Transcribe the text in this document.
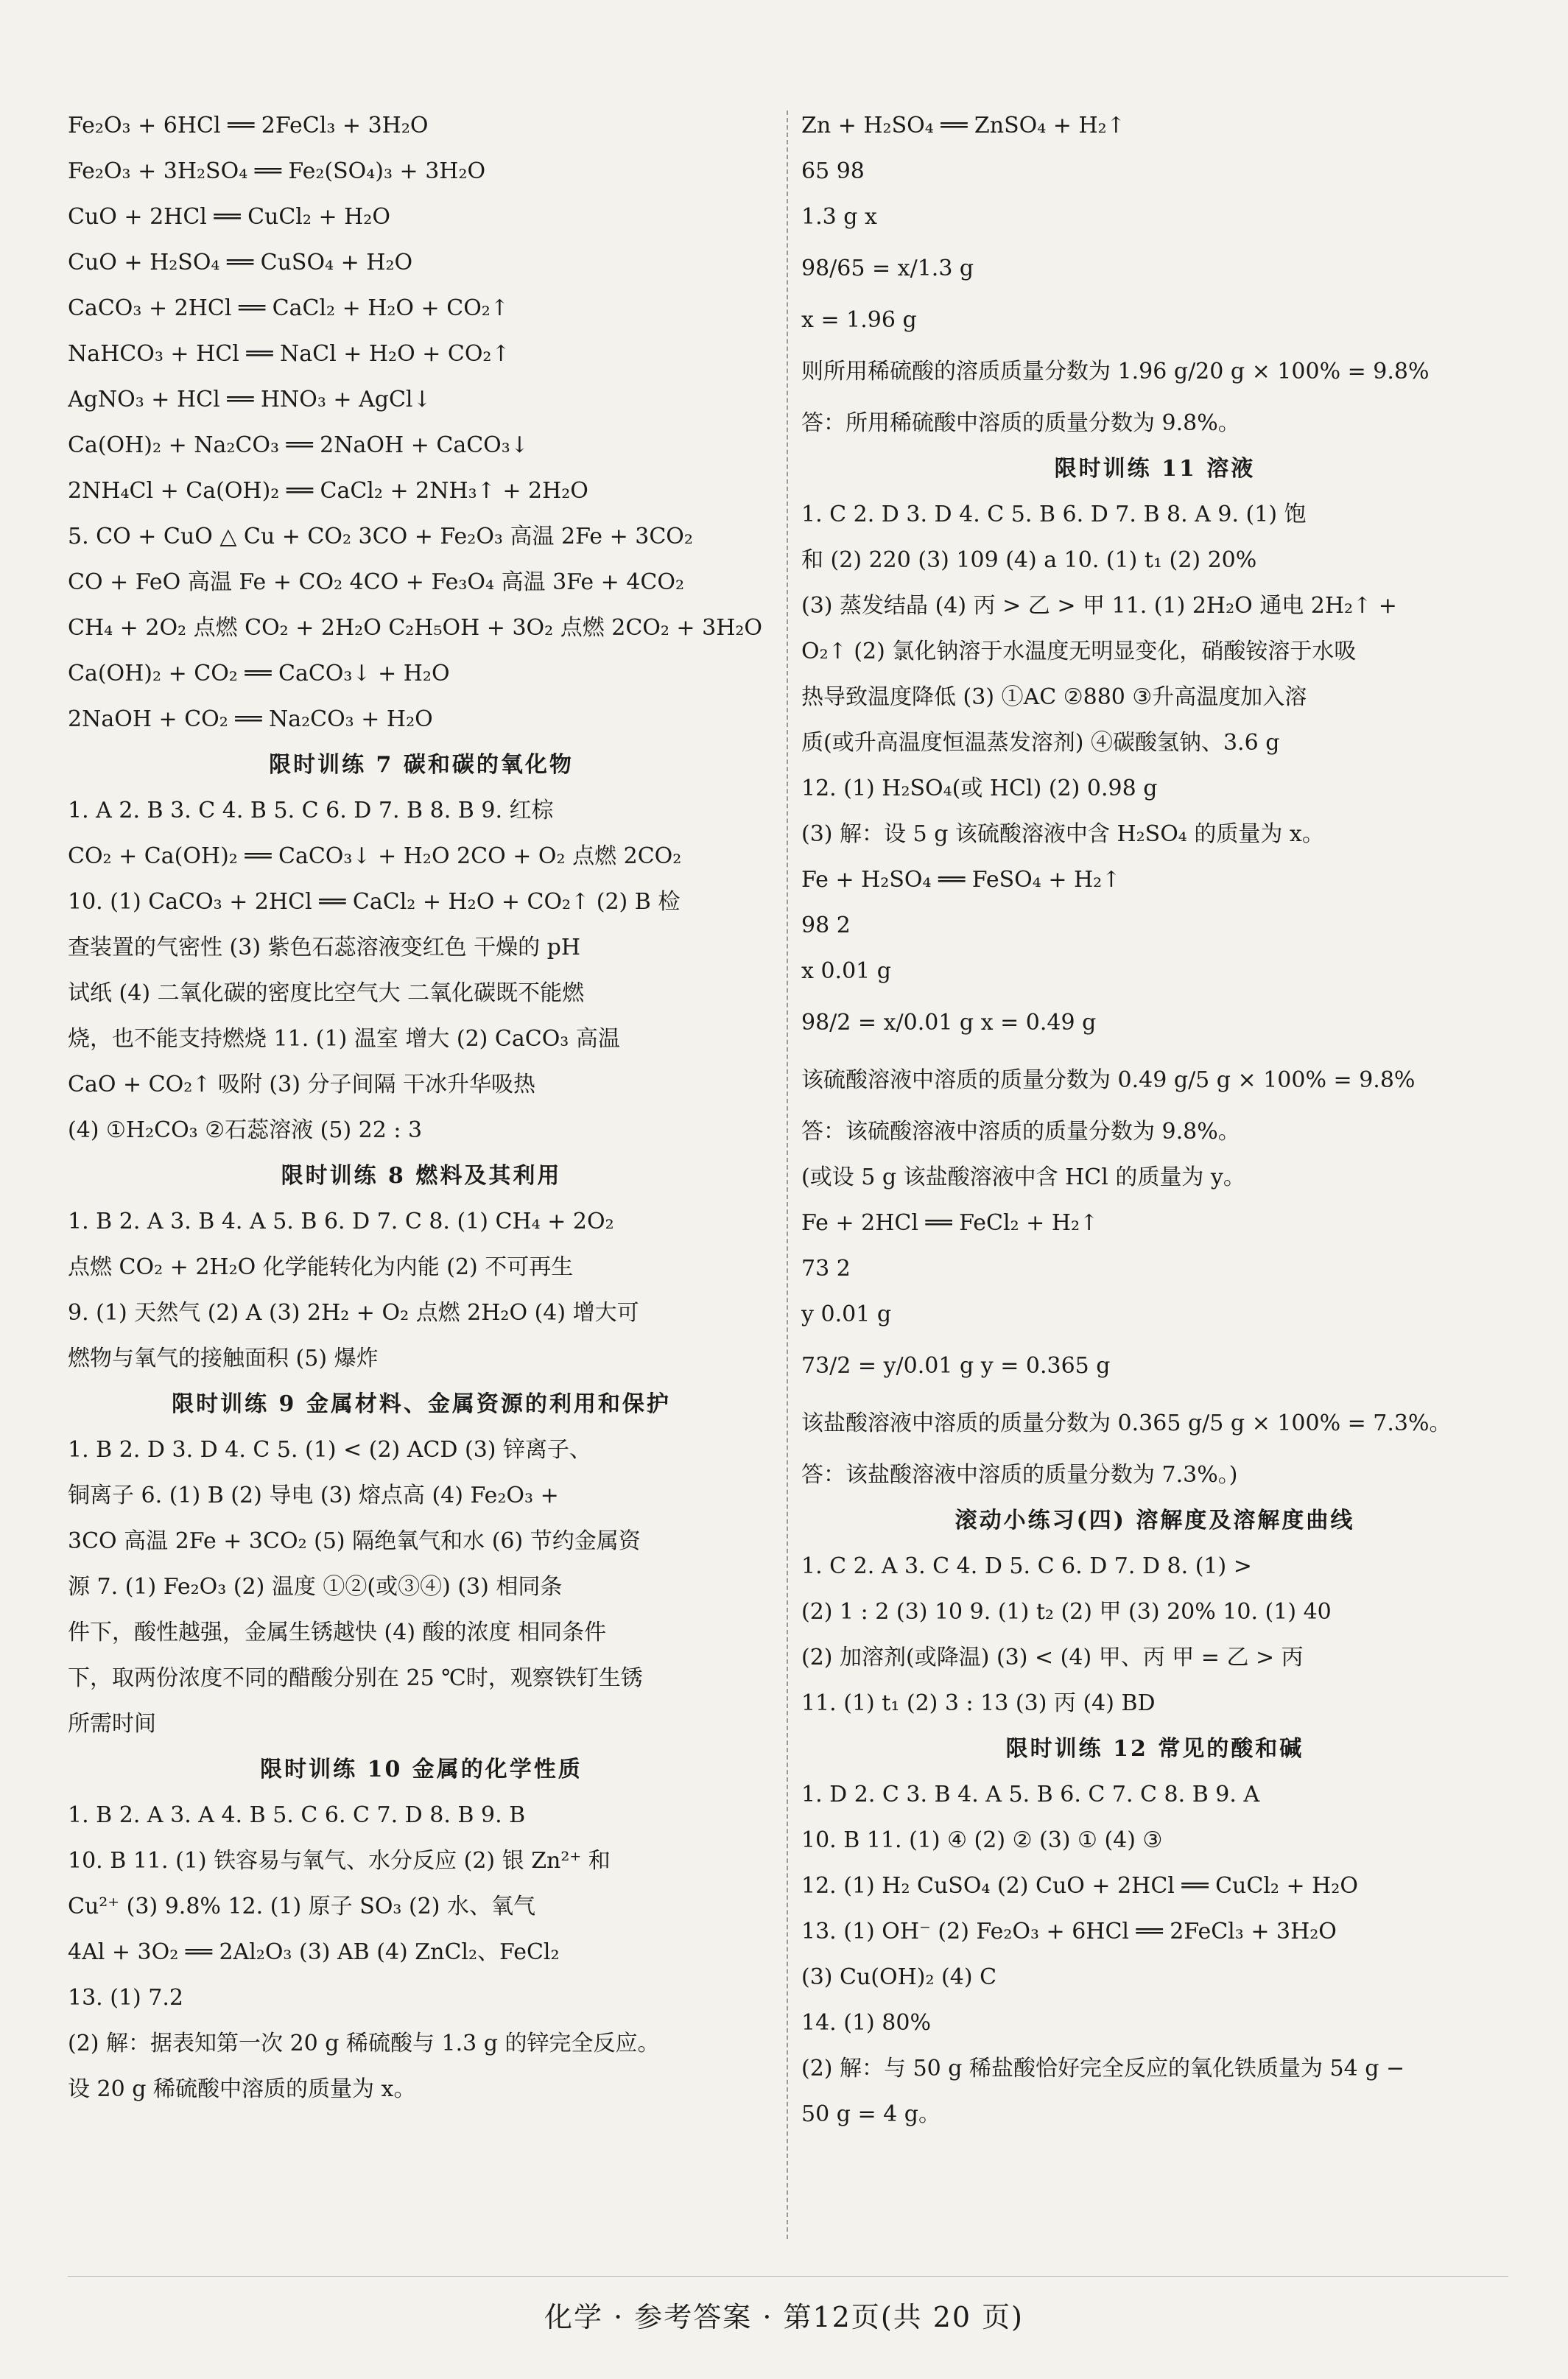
Fe₂O₃ + 6HCl ══ 2FeCl₃ + 3H₂O
Fe₂O₃ + 3H₂SO₄ ══ Fe₂(SO₄)₃ + 3H₂O
CuO + 2HCl ══ CuCl₂ + H₂O
CuO + H₂SO₄ ══ CuSO₄ + H₂O
CaCO₃ + 2HCl ══ CaCl₂ + H₂O + CO₂↑
NaHCO₃ + HCl ══ NaCl + H₂O + CO₂↑
AgNO₃ + HCl ══ HNO₃ + AgCl↓
Ca(OH)₂ + Na₂CO₃ ══ 2NaOH + CaCO₃↓
2NH₄Cl + Ca(OH)₂ ══ CaCl₂ + 2NH₃↑ + 2H₂O
5. CO + CuO △ Cu + CO₂ 3CO + Fe₂O₃ 高温 2Fe + 3CO₂
CO + FeO 高温 Fe + CO₂ 4CO + Fe₃O₄ 高温 3Fe + 4CO₂
CH₄ + 2O₂ 点燃 CO₂ + 2H₂O C₂H₅OH + 3O₂ 点燃 2CO₂ + 3H₂O
Ca(OH)₂ + CO₂ ══ CaCO₃↓ + H₂O
2NaOH + CO₂ ══ Na₂CO₃ + H₂O
限时训练 7 碳和碳的氧化物
1. A 2. B 3. C 4. B 5. C 6. D 7. B 8. B 9. 红棕
CO₂ + Ca(OH)₂ ══ CaCO₃↓ + H₂O 2CO + O₂ 点燃 2CO₂
10. (1) CaCO₃ + 2HCl ══ CaCl₂ + H₂O + CO₂↑ (2) B 检
查装置的气密性 (3) 紫色石蕊溶液变红色 干燥的 pH
试纸 (4) 二氧化碳的密度比空气大 二氧化碳既不能燃
烧，也不能支持燃烧 11. (1) 温室 增大 (2) CaCO₃ 高温
CaO + CO₂↑ 吸附 (3) 分子间隔 干冰升华吸热
(4) ①H₂CO₃ ②石蕊溶液 (5) 22 : 3
限时训练 8 燃料及其利用
1. B 2. A 3. B 4. A 5. B 6. D 7. C 8. (1) CH₄ + 2O₂
点燃 CO₂ + 2H₂O 化学能转化为内能 (2) 不可再生
9. (1) 天然气 (2) A (3) 2H₂ + O₂ 点燃 2H₂O (4) 增大可
燃物与氧气的接触面积 (5) 爆炸
限时训练 9 金属材料、金属资源的利用和保护
1. B 2. D 3. D 4. C 5. (1) < (2) ACD (3) 锌离子、
铜离子 6. (1) B (2) 导电 (3) 熔点高 (4) Fe₂O₃ +
3CO 高温 2Fe + 3CO₂ (5) 隔绝氧气和水 (6) 节约金属资
源 7. (1) Fe₂O₃ (2) 温度 ①②(或③④) (3) 相同条
件下，酸性越强，金属生锈越快 (4) 酸的浓度 相同条件
下，取两份浓度不同的醋酸分别在 25 ℃时，观察铁钉生锈
所需时间
限时训练 10 金属的化学性质
1. B 2. A 3. A 4. B 5. C 6. C 7. D 8. B 9. B
10. B 11. (1) 铁容易与氧气、水分反应 (2) 银 Zn²⁺ 和
Cu²⁺ (3) 9.8% 12. (1) 原子 SO₃ (2) 水、氧气
4Al + 3O₂ ══ 2Al₂O₃ (3) AB (4) ZnCl₂、FeCl₂
13. (1) 7.2
(2) 解：据表知第一次 20 g 稀硫酸与 1.3 g 的锌完全反应。
设 20 g 稀硫酸中溶质的质量为 x。
Zn + H₂SO₄ ══ ZnSO₄ + H₂↑
65 98
1.3 g x
98/65 = x/1.3 g
x = 1.96 g
则所用稀硫酸的溶质质量分数为 1.96 g/20 g × 100% = 9.8%
答：所用稀硫酸中溶质的质量分数为 9.8%。
限时训练 11 溶液
1. C 2. D 3. D 4. C 5. B 6. D 7. B 8. A 9. (1) 饱
和 (2) 220 (3) 109 (4) a 10. (1) t₁ (2) 20%
(3) 蒸发结晶 (4) 丙 > 乙 > 甲 11. (1) 2H₂O 通电 2H₂↑ +
O₂↑ (2) 氯化钠溶于水温度无明显变化，硝酸铵溶于水吸
热导致温度降低 (3) ①AC ②880 ③升高温度加入溶
质(或升高温度恒温蒸发溶剂) ④碳酸氢钠、3.6 g
12. (1) H₂SO₄(或 HCl) (2) 0.98 g
(3) 解：设 5 g 该硫酸溶液中含 H₂SO₄ 的质量为 x。
Fe + H₂SO₄ ══ FeSO₄ + H₂↑
98 2
x 0.01 g
98/2 = x/0.01 g x = 0.49 g
该硫酸溶液中溶质的质量分数为 0.49 g/5 g × 100% = 9.8%
答：该硫酸溶液中溶质的质量分数为 9.8%。
(或设 5 g 该盐酸溶液中含 HCl 的质量为 y。
Fe + 2HCl ══ FeCl₂ + H₂↑
73 2
y 0.01 g
73/2 = y/0.01 g y = 0.365 g
该盐酸溶液中溶质的质量分数为 0.365 g/5 g × 100% = 7.3%。
答：该盐酸溶液中溶质的质量分数为 7.3%。)
滚动小练习(四) 溶解度及溶解度曲线
1. C 2. A 3. C 4. D 5. C 6. D 7. D 8. (1) >
(2) 1 : 2 (3) 10 9. (1) t₂ (2) 甲 (3) 20% 10. (1) 40
(2) 加溶剂(或降温) (3) < (4) 甲、丙 甲 = 乙 > 丙
11. (1) t₁ (2) 3 : 13 (3) 丙 (4) BD
限时训练 12 常见的酸和碱
1. D 2. C 3. B 4. A 5. B 6. C 7. C 8. B 9. A
10. B 11. (1) ④ (2) ② (3) ① (4) ③
12. (1) H₂ CuSO₄ (2) CuO + 2HCl ══ CuCl₂ + H₂O
13. (1) OH⁻ (2) Fe₂O₃ + 6HCl ══ 2FeCl₃ + 3H₂O
(3) Cu(OH)₂ (4) C
14. (1) 80%
(2) 解：与 50 g 稀盐酸恰好完全反应的氧化铁质量为 54 g −
50 g = 4 g。
化学 · 参考答案 · 第12页(共 20 页)
